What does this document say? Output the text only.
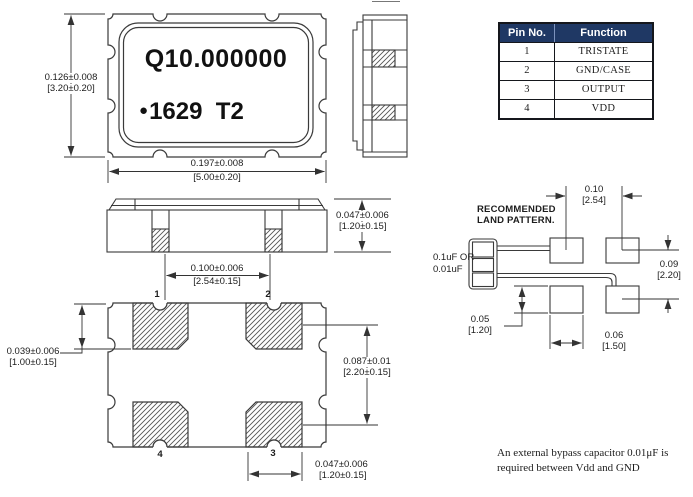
Q10.000000
●1629  T2
0.126±0.008
[3.20±0.20]
0.197±0.008
[5.00±0.20]
0.047±0.006
[1.20±0.15]
0.100±0.006
[2.54±0.15]
0.039±0.006
[1.00±0.15]	0.087±0.01
[2.20±0.15]
0.047±0.006
[1.20±0.15]
1	2
3
4
Pin No.	Function
1	TRISTATE
2	GND/CASE
3	OUTPUT
4	VDD
RECOMMENDED
LAND PATTERN.
0.1uF OR
0.01uF
0.10
[2.54]
0.09
[2.20]
0.05
[1.20]	0.06
[1.50]
An external bypass capacitor 0.01μF is
required between Vdd and GND
